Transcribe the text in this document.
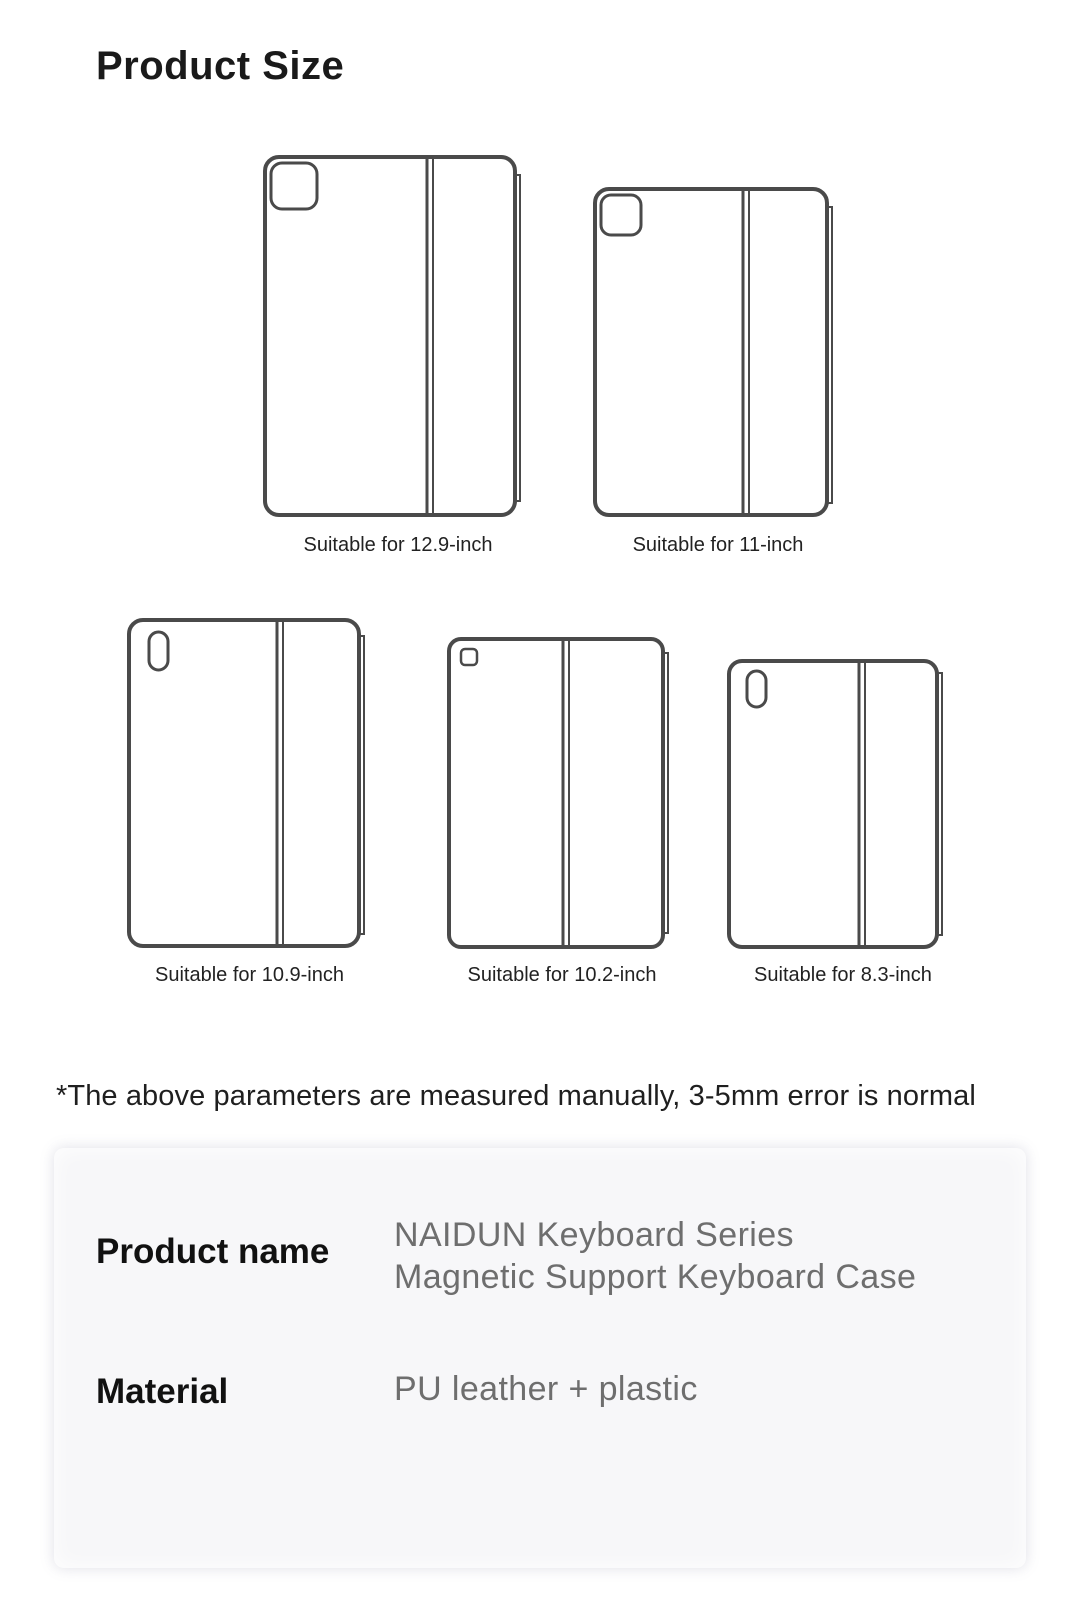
Product Size
Suitable for 12.9-inch	Suitable for 11-inch
Suitable for 10.9-inch	Suitable for 10.2-inch	Suitable for 8.3-inch
*The above parameters are measured manually, 3-5mm error is normal
Product name NAIDUN Keyboard Series
Magnetic Support Keyboard Case
Material	PU leather + plastic
